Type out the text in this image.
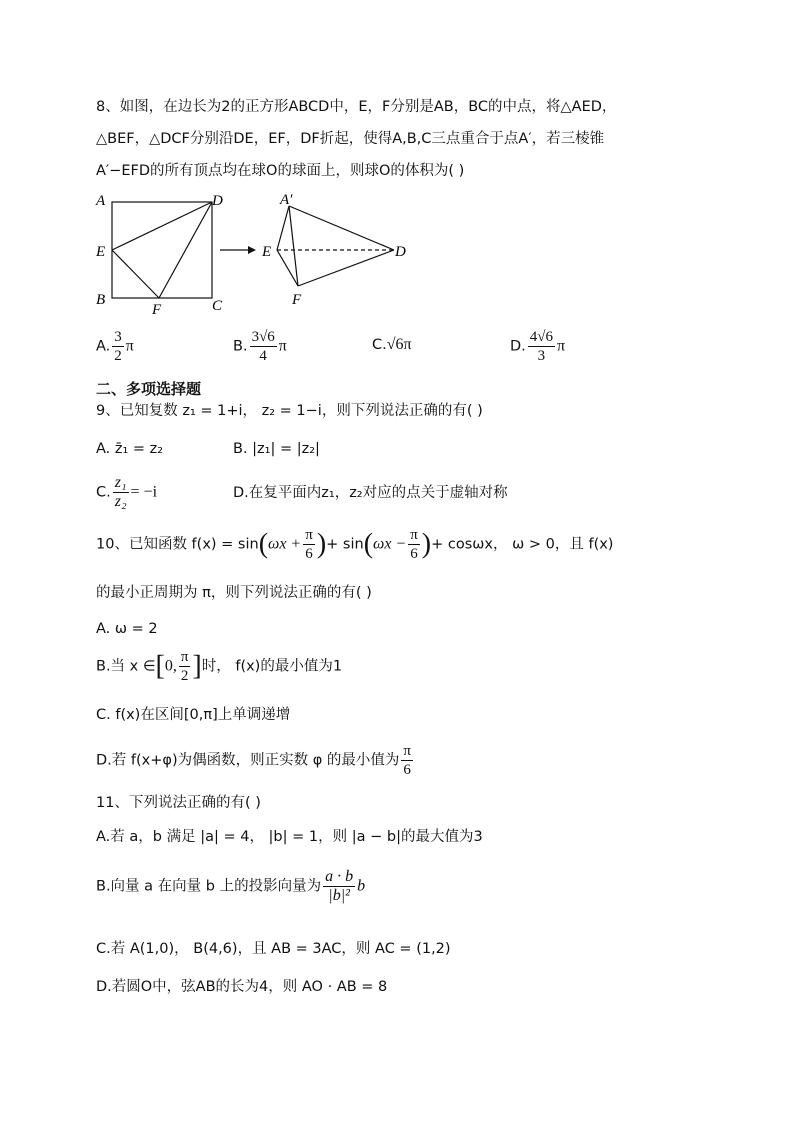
8、如图，在边长为2的正方形ABCD中，E，F分别是AB，BC的中点，将△AED，
△BEF，△DCF分别沿DE，EF，DF折起，使得A,B,C三点重合于点A′，若三棱锥
A′−EFD的所有顶点均在球O的球面上，则球O的体积为( )
A	D
E
B
F	C
A′
E	D
F
A. $\frac{3}{2}$ π	B. $\frac{3√6}{4}$ π	C.√6π	D. $\frac{4√6}{3}$ π
二、多项选择题
9、已知复数 z₁ = 1+i， z₂ = 1−i，则下列说法正确的有( )
A. z̄₁ = z₂	B. |z₁| = |z₂|
C. $\frac{\text{z₁}}{\text{z₂}} = -i$	D.在复平面内z₁，z₂对应的点关于虚轴对称
10、已知函数 $f(x) = \sin(\omega x + \frac{\pi}{6}$ )+ $\sin(\omega x - \frac{\pi}{6}$ )+ cosωx， ω > 0，且 f(x)
的最小正周期为 π，则下列说法正确的有( )
A. ω = 2
B.当 x ∈[0, $\frac{\pi}{2}$ ]时， f(x)的最小值为1
C. f(x)在区间[0,π]上单调递增
D.若 f(x+φ)为偶函数，则正实数 φ 的最小值为 $\frac{\pi}{6}$
11、下列说法正确的有( )
A.若 a，b 满足 |a| = 4， |b| = 1，则 |a − b|的最大值为3
B.向量 a 在向量 b 上的投影向量为 $\frac{a \cdot b}{\text{|b|²}}$ b
C.若 A(1,0)， B(4,6)，且 AB = 3AC，则 AC = (1,2)
D.若圆O中，弦AB的长为4，则 AO · AB = 8
